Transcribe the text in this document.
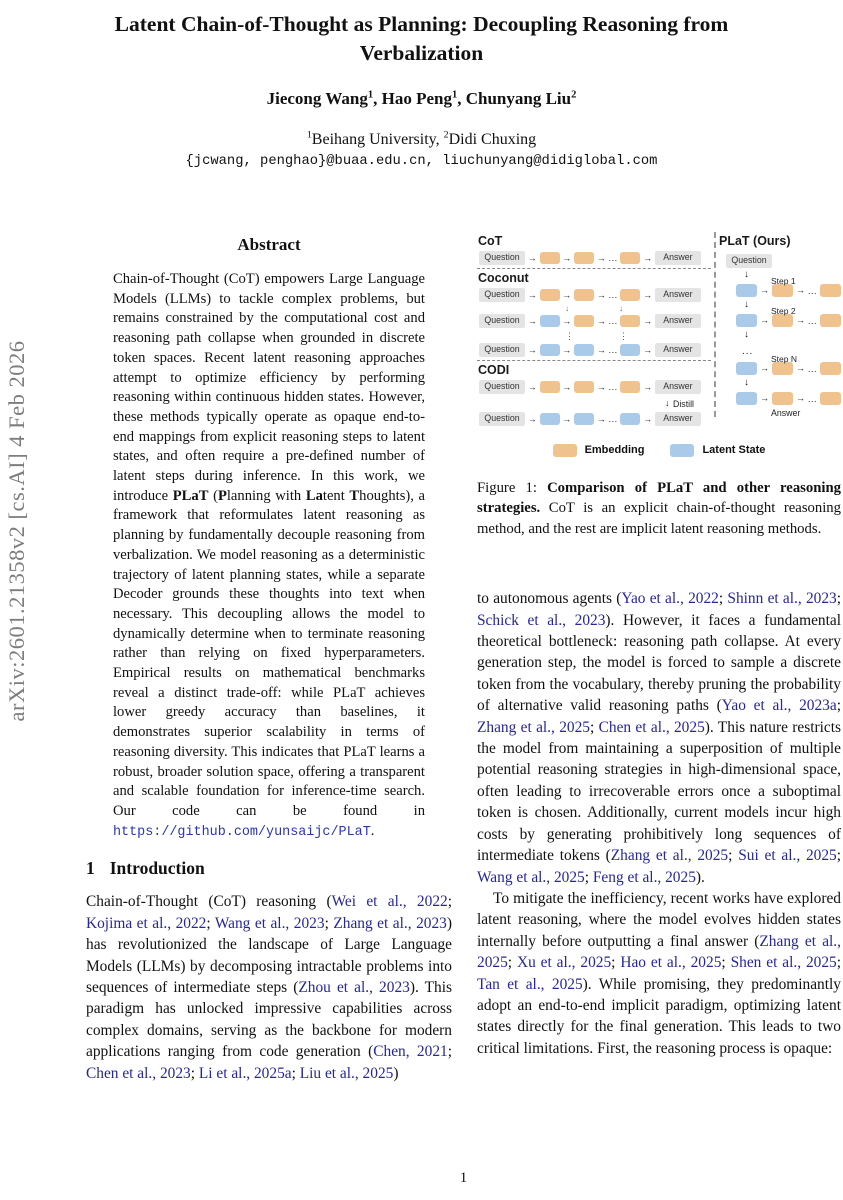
arXiv:2601.21358v2 [cs.AI] 4 Feb 2026
Latent Chain-of-Thought as Planning: Decoupling Reasoning from Verbalization
Jiecong Wang$^1$, Hao Peng$^1$, Chunyang Liu$^2$
$^1$Beihang University, $^2$Didi Chuxing
{jcwang, penghao}@buaa.edu.cn, liuchunyang@didiglobal.com
Abstract
Chain-of-Thought (CoT) empowers Large Language Models (LLMs) to tackle complex problems, but remains constrained by the computational cost and reasoning path collapse when grounded in discrete token spaces. Recent latent reasoning approaches attempt to optimize efficiency by performing reasoning within continuous hidden states. However, these methods typically operate as opaque end-to-end mappings from explicit reasoning steps to latent states, and often require a pre-defined number of latent steps during inference. In this work, we introduce PLaT (Planning with Latent Thoughts), a framework that reformulates latent reasoning as planning by fundamentally decouple reasoning from verbalization. We model reasoning as a deterministic trajectory of latent planning states, while a separate Decoder grounds these thoughts into text when necessary. This decoupling allows the model to dynamically determine when to terminate reasoning rather than relying on fixed hyperparameters. Empirical results on mathematical benchmarks reveal a distinct trade-off: while PLaT achieves lower greedy accuracy than baselines, it demonstrates superior scalability in terms of reasoning diversity. This indicates that PLaT learns a robust, broader solution space, offering a transparent and scalable foundation for inference-time search. Our code can be found in https://github.com/yunsaijc/PLaT.
1 Introduction
Chain-of-Thought (CoT) reasoning (Wei et al., 2022; Kojima et al., 2022; Wang et al., 2023; Zhang et al., 2023) has revolutionized the landscape of Large Language Models (LLMs) by decomposing intractable problems into sequences of intermediate steps (Zhou et al., 2023). This paradigm has unlocked impressive capabilities across complex domains, serving as the backbone for modern applications ranging from code generation (Chen, 2021; Chen et al., 2023; Li et al., 2025a; Liu et al., 2025)
CoT
Question →	→	→ ...	→	Answer
Coconut
Question →	→	→ ...	→	Answer
↓	↓
Question →	→	→ ...	→	Answer
⋮	⋮
Question →	→	→ ...	→	Answer
CODI
Question →	→	→ ...	→	Answer
↓ Distill
Question →	→	→ ...	→	Answer
PLaT (Ours)
Question
↓
Step 1
→	→ ...
↓
Step 2
→	→ ...
↓
...
Step N
→	→ ...
↓
Answer
→	→ ...
Embedding	Latent State
Figure 1: Comparison of PLaT and other reasoning strategies. CoT is an explicit chain-of-thought reasoning method, and the rest are implicit latent reasoning methods.
to autonomous agents (Yao et al., 2022; Shinn et al., 2023; Schick et al., 2023). However, it faces a fundamental theoretical bottleneck: reasoning path collapse. At every generation step, the model is forced to sample a discrete token from the vocabulary, thereby pruning the probability of alternative valid reasoning paths (Yao et al., 2023a; Zhang et al., 2025; Chen et al., 2025). This nature restricts the model from maintaining a superposition of multiple potential reasoning strategies in high-dimensional space, often leading to irrecoverable errors once a suboptimal token is chosen. Additionally, current models incur high costs by generating prohibitively long sequences of intermediate tokens (Zhang et al., 2025; Sui et al., 2025; Wang et al., 2025; Feng et al., 2025).
To mitigate the inefficiency, recent works have explored latent reasoning, where the model evolves hidden states internally before outputting a final answer (Zhang et al., 2025; Xu et al., 2025; Hao et al., 2025; Shen et al., 2025; Tan et al., 2025). While promising, they predominantly adopt an end-to-end implicit paradigm, optimizing latent states directly for the final generation. This leads to two critical limitations. First, the reasoning process is opaque:
1
